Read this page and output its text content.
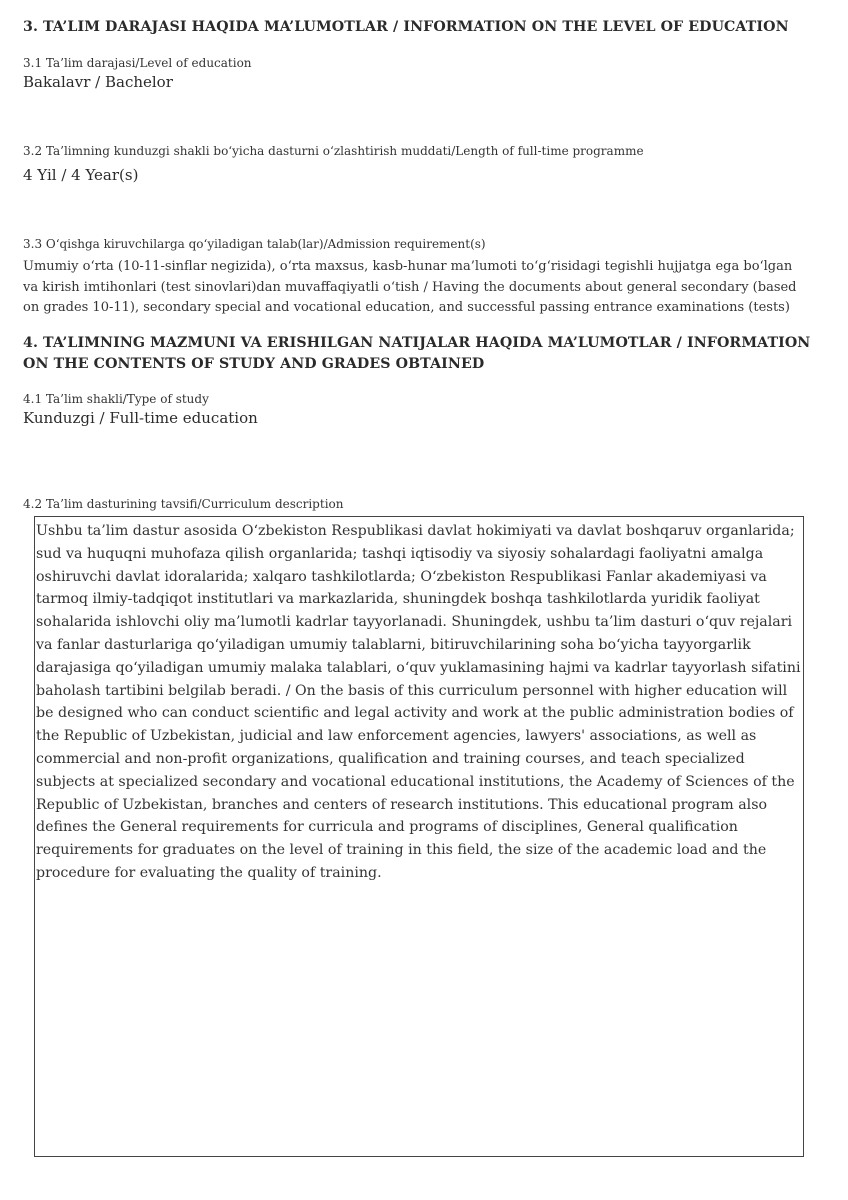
3. TA’LIM DARAJASI HAQIDA MA’LUMOTLAR / INFORMATION ON THE LEVEL OF EDUCATION
3.1 Ta’lim darajasi/Level of education
Bakalavr / Bachelor
3.2 Ta’limning kunduzgi shakli bo‘yicha dasturni o‘zlashtirish muddati/Length of full-time programme
4 Yil / 4 Year(s)
3.3 O‘qishga kiruvchilarga qo‘yiladigan talab(lar)/Admission requirement(s)
Umumiy o‘rta (10-11-sinflar negizida), o‘rta maxsus, kasb-hunar ma’lumoti to‘g‘risidagi tegishli hujjatga ega bo‘lgan va kirish imtihonlari (test sinovlari)dan muvaffaqiyatli o‘tish / Having the documents about general secondary (based on grades 10-11), secondary special and vocational education, and successful passing entrance examinations (tests)
4. TA’LIMNING MAZMUNI VA ERISHILGAN NATIJALAR HAQIDA MA’LUMOTLAR / INFORMATION ON THE CONTENTS OF STUDY AND GRADES OBTAINED
4.1 Ta’lim shakli/Type of study
Kunduzgi / Full-time education
4.2 Ta’lim dasturining tavsifi/Curriculum description
Ushbu ta’lim dastur asosida O‘zbekiston Respublikasi davlat hokimiyati va davlat boshqaruv organlarida; sud va huquqni muhofaza qilish organlarida; tashqi iqtisodiy va siyosiy sohalardagi faoliyatni amalga oshiruvchi davlat idoralarida; xalqaro tashkilotlarda; O‘zbekiston Respublikasi Fanlar akademiyasi va tarmoq ilmiy-tadqiqot institutlari va markazlarida, shuningdek boshqa tashkilotlarda yuridik faoliyat sohalarida ishlovchi oliy ma’lumotli kadrlar tayyorlanadi. Shuningdek, ushbu ta’lim dasturi o‘quv rejalari va fanlar dasturlariga qo‘yiladigan umumiy talablarni, bitiruvchilarining soha bo‘yicha tayyorgarlik darajasiga qo‘yiladigan umumiy malaka talablari, o‘quv yuklamasining hajmi va kadrlar tayyorlash sifatini baholash tartibini belgilab beradi. / On the basis of this curriculum personnel with higher education will be designed who can conduct scientific and legal activity and work at the public administration bodies of the Republic of Uzbekistan, judicial and law enforcement agencies, lawyers' associations, as well as commercial and non-profit organizations, qualification and training courses, and teach specialized subjects at specialized secondary and vocational educational institutions, the Academy of Sciences of the Republic of Uzbekistan, branches and centers of research institutions. This educational program also defines the General requirements for curricula and programs of disciplines, General qualification requirements for graduates on the level of training in this field, the size of the academic load and the procedure for evaluating the quality of training.
